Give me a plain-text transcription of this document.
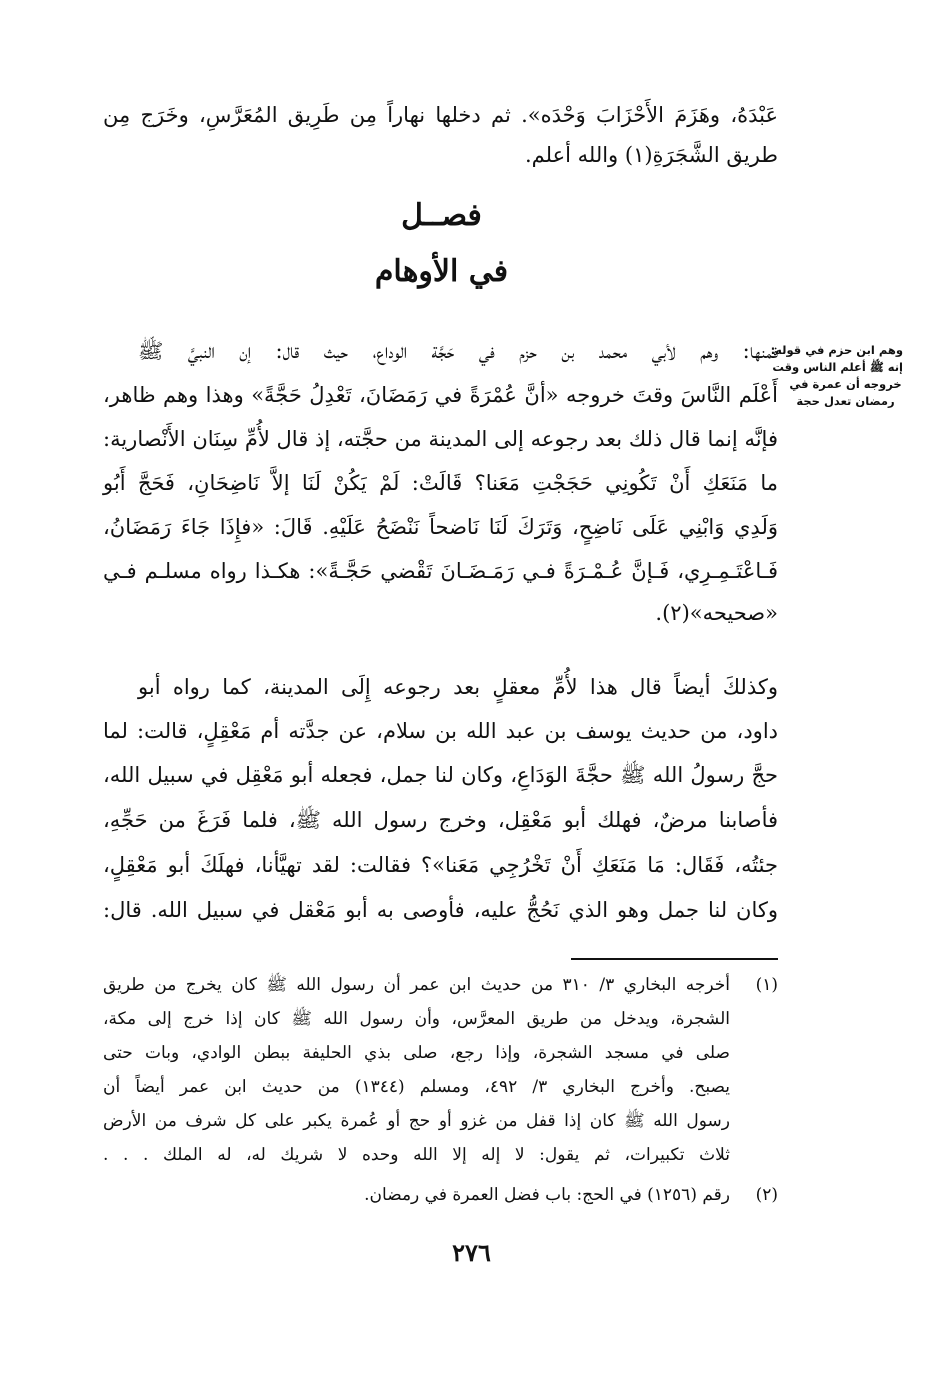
عَبْدَهُ، وهَزَمَ الأَحْزَابَ وَحْدَه». ثم دخلها نهاراً مِن طَرِيق المُعَرَّسِ، وخَرَج مِن
طريق الشَّجَرَةِ(١) والله أعلم.
فصــل
في الأوهام
وهم ابن حزم في قوله:
إنه ﷺ أعلم الناس وقت
خروجه أن عمرة في
رمضان تعدل حجة
فمنها: وهم لأبي محمد بن حزم في حَجَّة الوداع، حيث قال: إن النبيَّ ﷺ
أَعْلَم النَّاسَ وقتَ خروجه «أنَّ عُمْرَةً في رَمَضَانَ، تَعْدِلُ حَجَّةً» وهذا وهم ظاهر،
فإنَّه إنما قال ذلك بعد رجوعه إلى المدينة من حجَّته، إذ قال لأُمِّ سِنَان الأَنْصارية:
ما مَنَعَكِ أَنْ تَكُونِي حَجَجْتِ مَعَنا؟ قَالَتْ: لَمْ يَكُنْ لَنَا إلاَّ نَاضِحَانِ، فَحَجَّ أَبُو
وَلَدِي وَابْنِي عَلَى نَاضِحٍ، وَتَرَكَ لَنَا نَاضحاً نَنْضَحُ عَلَيْهِ. قَالَ: «فإِذَا جَاءَ رَمَضَانُ،
فَـاعْتَـمِـرِي، فَـإنَّ عُـمْـرَةً فـي رَمَـضَـانَ تَقْضي حَجَّـةً»: هكـذا رواه مسلـم فـي
«صحيحه»(٢).
وكذلكَ أيضاً قال هذا لأُمِّ معقلٍ بعد رجوعه إِلَى المدينة، كما رواه أبو
داود، من حديث يوسف بن عبد الله بن سلام، عن جدَّته أم مَعْقِلٍ، قالت: لما
حجَّ رسولُ الله ﷺ حجَّةَ الوَدَاعِ، وكان لنا جمل، فجعله أبو مَعْقِل في سبيل الله،
فأصابنا مرضٌ، فهلك أبو مَعْقِل، وخرج رسول الله ﷺ، فلما فَرَغَ من حَجِّهِ،
جئتُه، فَقَال: مَا مَنَعَكِ أَنْ تَخْرُجِي مَعَنا»؟ فقالت: لقد تهيَّأنا، فهلَكَ أبو مَعْقِلٍ،
وكان لنا جمل وهو الذي نَحُجُّ عليه، فأوصى به أبو مَعْقل في سبيل الله. قال:
(١)
أخرجه البخاري ٣/ ٣١٠ من حديث ابن عمر أن رسول الله ﷺ كان يخرج من طريق
الشجرة، ويدخل من طريق المعرَّس، وأن رسول الله ﷺ كان إذا خرج إلى مكة،
صلى في مسجد الشجرة، وإذا رجع، صلى بذي الحليفة ببطن الوادي، وبات حتى
يصبح. وأخرج البخاري ٣/ ٤٩٢، ومسلم (١٣٤٤) من حديث ابن عمر أيضاً أن
رسول الله ﷺ كان إذا قفل من غزو أو حج أو عُمرة يكبر على كل شرف من الأرض
ثلاث تكبيرات، ثم يقول: لا إله إلا الله وحده لا شريك له، له الملك . . .
(٢)
رقم (١٢٥٦) في الحج: باب فضل العمرة في رمضان.
٢٧٦
